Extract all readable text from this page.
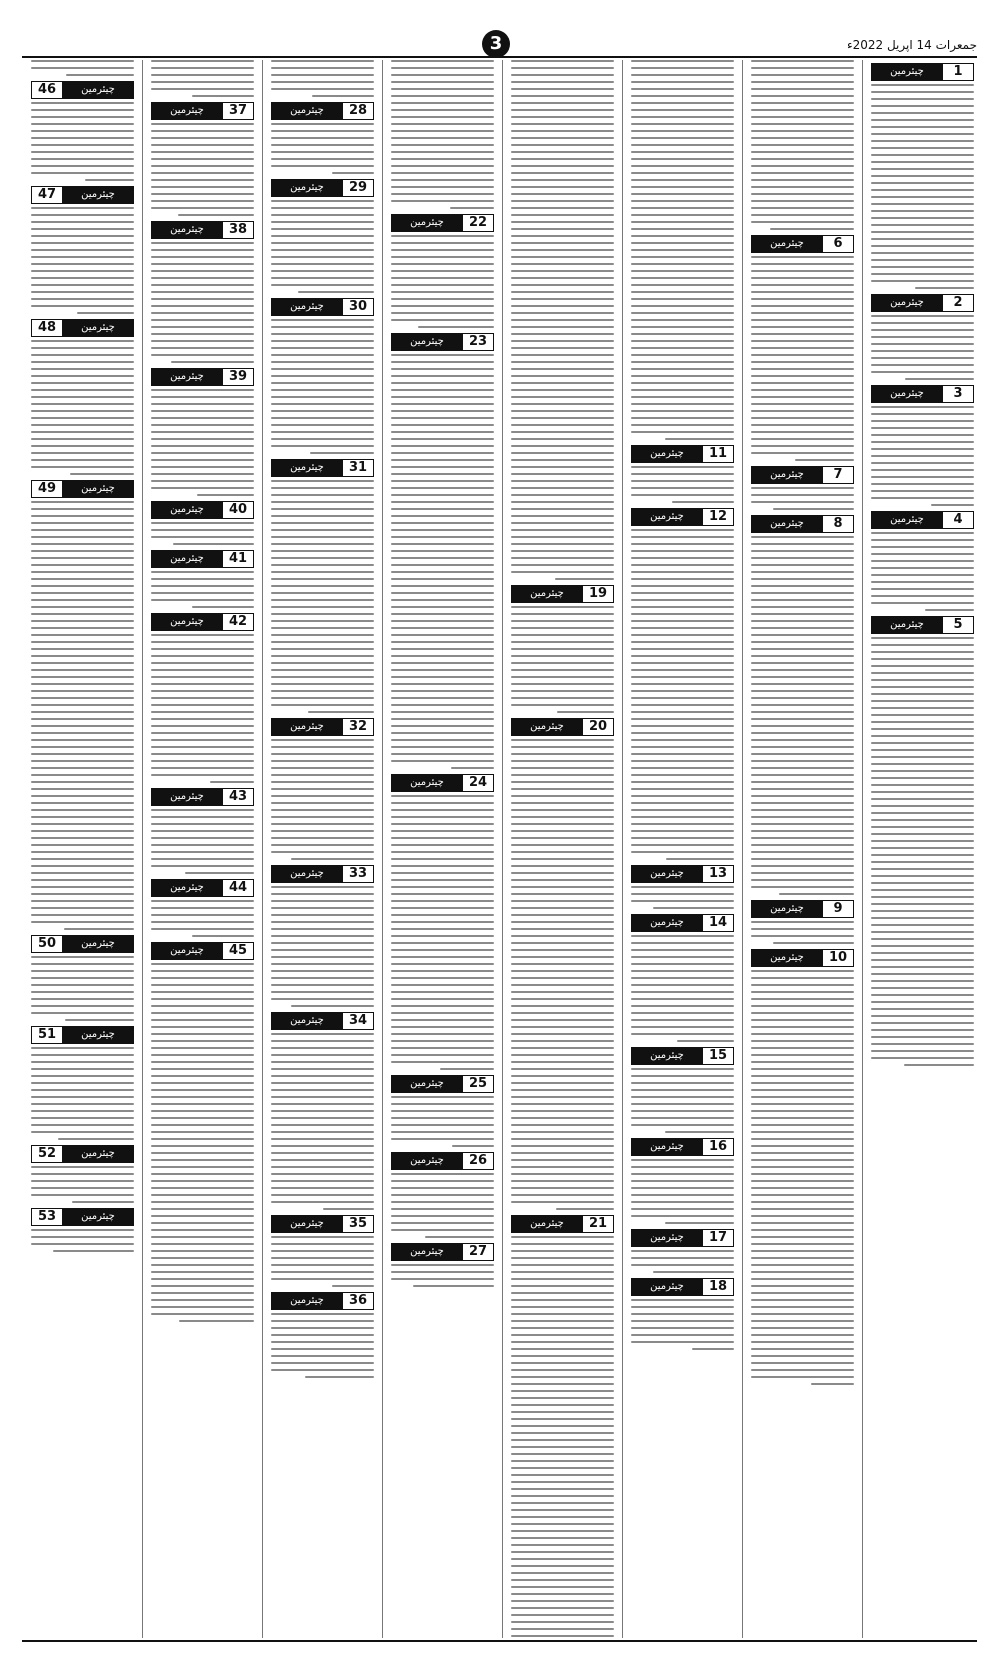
3	جمعرات 14 اپریل 2022ء
1
چیئرمین
2
چیئرمین
3
چیئرمین
4
چیئرمین
5
چیئرمین
6
چیئرمین
7
چیئرمین
8
چیئرمین
9
چیئرمین
10
چیئرمین
11
چیئرمین
12
چیئرمین
13
چیئرمین
14
چیئرمین
15
چیئرمین
16
چیئرمین
17
چیئرمین
18
چیئرمین
19
چیئرمین
20
چیئرمین
21
چیئرمین
22
چیئرمین
23
چیئرمین
24
چیئرمین
25
چیئرمین
26
چیئرمین
27
چیئرمین
28
چیئرمین
29
چیئرمین
30
چیئرمین
31
چیئرمین
32
چیئرمین
33
چیئرمین
34
چیئرمین
35
چیئرمین
36
چیئرمین
37
چیئرمین
38
چیئرمین
39
چیئرمین
40
چیئرمین
41
چیئرمین
42
چیئرمین
43
چیئرمین
44
چیئرمین
45
چیئرمین
46	چیئرمین
47	چیئرمین
48	چیئرمین
49	چیئرمین
50	چیئرمین
51	چیئرمین
52	چیئرمین
53	چیئرمین
